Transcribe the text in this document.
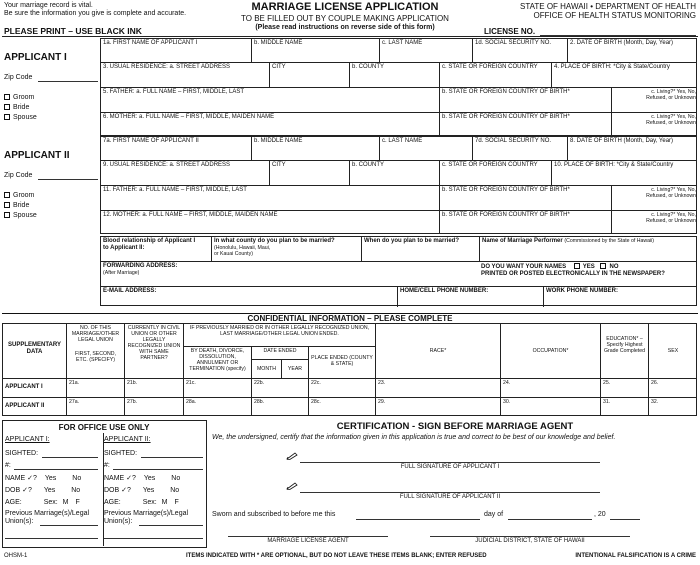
Your marriage record is vital.
Be sure the information you give is complete and accurate.
MARRIAGE LICENSE APPLICATION
TO BE FILLED OUT BY COUPLE MAKING APPLICATION
(Please read instructions on reverse side of this form)
STATE OF HAWAII • DEPARTMENT OF HEALTH
OFFICE OF HEALTH STATUS MONITORING
PLEASE PRINT – USE BLACK INK	LICENSE NO.
APPLICANT I
Zip Code
Groom
Bride
Spouse
1a. FIRST NAME OF APPLICANT I	b. MIDDLE NAME	c. LAST NAME	1d. SOCIAL SECURITY NO.	2. DATE OF BIRTH (Month, Day, Year)
3. USUAL RESIDENCE: a. STREET ADDRESS	CITY	b. COUNTY	c. STATE OR FOREIGN COUNTRY	4. PLACE OF BIRTH: *City & State/Country
5. FATHER: a. FULL NAME – FIRST, MIDDLE, LAST	b. STATE OR FOREIGN COUNTRY OF BIRTH*	c. Living?* Yes, No,
Refused, or Unknown
6. MOTHER: a. FULL NAME – FIRST, MIDDLE, MAIDEN NAME	b. STATE OR FOREIGN COUNTRY OF BIRTH*	c. Living?* Yes, No,
Refused, or Unknown
APPLICANT II
Zip Code
Groom
Bride
Spouse
7a. FIRST NAME OF APPLICANT II	b. MIDDLE NAME	c. LAST NAME	7d. SOCIAL SECURITY NO.	8. DATE OF BIRTH (Month, Day, Year)
9. USUAL RESIDENCE: a. STREET ADDRESS	CITY	b. COUNTY	c. STATE OR FOREIGN COUNTRY	10. PLACE OF BIRTH: *City & State/Country
11. FATHER: a. FULL NAME – FIRST, MIDDLE, LAST	b. STATE OR FOREIGN COUNTRY OF BIRTH*	c. Living?* Yes, No,
Refused, or Unknown
12. MOTHER: a. FULL NAME – FIRST, MIDDLE, MAIDEN NAME	b. STATE OR FOREIGN COUNTRY OF BIRTH*	c. Living?* Yes, No,
Refused, or Unknown
Blood relationship of Applicant I
to Applicant II:
In what county do you plan to be married?
(Honolulu, Hawaii, Maui,
or Kauai County)
When do you plan to be married?	Name of Marriage Performer (Commissioned by the State of Hawaii)
FORWARDING ADDRESS:
(After Marriage)
DO YOU WANT YOUR NAMES	YES NO
PRINTED OR POSTED ELECTRONICALLY IN THE NEWSPAPER?
E-MAIL ADDRESS:	HOME/CELL PHONE NUMBER:	WORK PHONE NUMBER:
CONFIDENTIAL INFORMATION – PLEASE COMPLETE
SUPPLEMENTARY DATA
NO. OF THIS MARRIAGE/OTHER LEGAL UNION
FIRST, SECOND, ETC. (SPECIFY)
CURRENTLY IN CIVIL UNION OR OTHER LEGALLY RECOGNIZED UNION WITH SAME PARTNER?
IF PREVIOUSLY MARRIED OR IN OTHER LEGALLY RECOGNIZED UNION, LAST MARRIAGE/OTHER LEGAL UNION ENDED.
BY DEATH, DIVORCE, DISSOLUTION, ANNULMENT OR TERMINATION (specify)
DATE ENDED
MONTH	YEAR
PLACE ENDED (COUNTY & STATE)
RACE*	OCCUPATION*
EDUCATION* – Specify Highest Grade Completed	SEX
APPLICANT I
21a.	21b.	21c.	22b.	22c.	23.	24.	25.	26.
APPLICANT II
27a.	27b.	28a.	28b.	28c.	29.	30.	31.	32.
FOR OFFICE USE ONLY
APPLICANT I:	APPLICANT II:
SIGHTED:	SIGHTED:
#:	#:
NAME ✓? Yes No	NAME ✓? Yes No
DOB ✓? Yes No	DOB ✓? Yes No
AGE:	Sex: M F	AGE:	Sex: M F
Previous Marriage(s)/Legal
Union(s):
Previous Marriage(s)/Legal
Union(s):
CERTIFICATION - SIGN BEFORE MARRIAGE AGENT
We, the undersigned, certify that the information given in this application is true and correct to be best of our knowledge and belief.
FULL SIGNATURE OF APPLICANT I
FULL SIGNATURE OF APPLICANT II
Sworn and subscribed to before me this	day of	, 20
MARRIAGE LICENSE AGENT	JUDICIAL DISTRICT, STATE OF HAWAII
OHSM-1	ITEMS INDICATED WITH * ARE OPTIONAL, BUT DO NOT LEAVE THESE ITEMS BLANK; ENTER REFUSED	INTENTIONAL FALSIFICATION IS A CRIME
